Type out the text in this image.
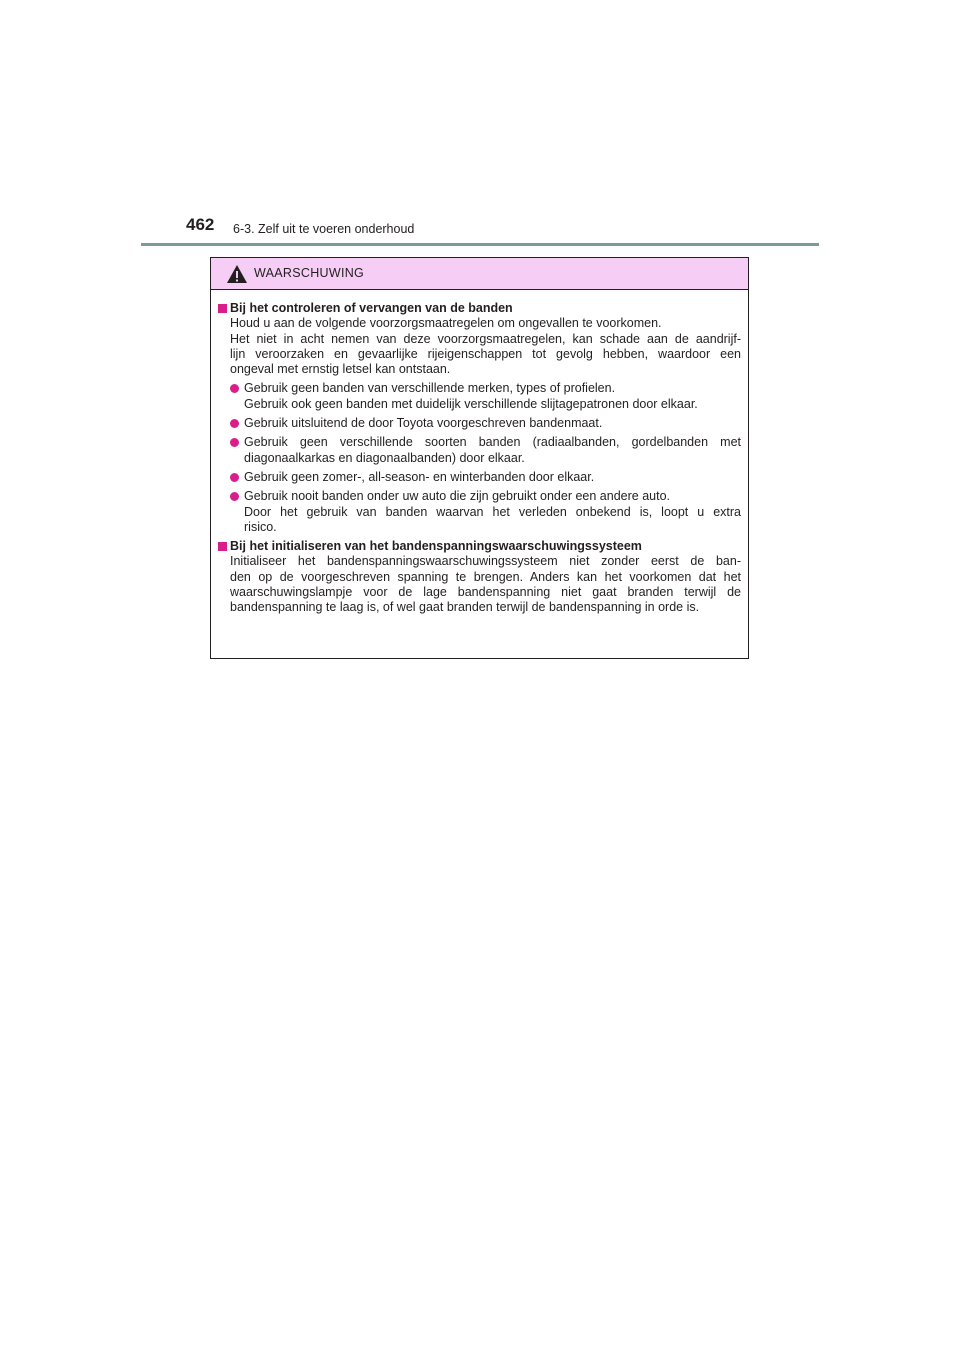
462 6-3. Zelf uit te voeren onderhoud
WAARSCHUWING
Bij het controleren of vervangen van de banden

Houd u aan de volgende voorzorgsmaatregelen om ongevallen te voorkomen.

Het niet in acht nemen van deze voorzorgsmaatregelen, kan schade aan de aandrijf-

lijn veroorzaken en gevaarlijke rijeigenschappen tot gevolg hebben, waardoor een

ongeval met ernstig letsel kan ontstaan.

Gebruik geen banden van verschillende merken, types of profielen.

Gebruik ook geen banden met duidelijk verschillende slijtagepatronen door elkaar.

Gebruik uitsluitend de door Toyota voorgeschreven bandenmaat.

Gebruik geen verschillende soorten banden (radiaalbanden, gordelbanden met

diagonaalkarkas en diagonaalbanden) door elkaar.

Gebruik geen zomer-, all-season- en winterbanden door elkaar.

Gebruik nooit banden onder uw auto die zijn gebruikt onder een andere auto.

Door het gebruik van banden waarvan het verleden onbekend is, loopt u extra

risico.

Bij het initialiseren van het bandenspanningswaarschuwingssysteem

Initialiseer het bandenspanningswaarschuwingssysteem niet zonder eerst de ban-

den op de voorgeschreven spanning te brengen. Anders kan het voorkomen dat het

waarschuwingslampje voor de lage bandenspanning niet gaat branden terwijl de

bandenspanning te laag is, of wel gaat branden terwijl de bandenspanning in orde is.
